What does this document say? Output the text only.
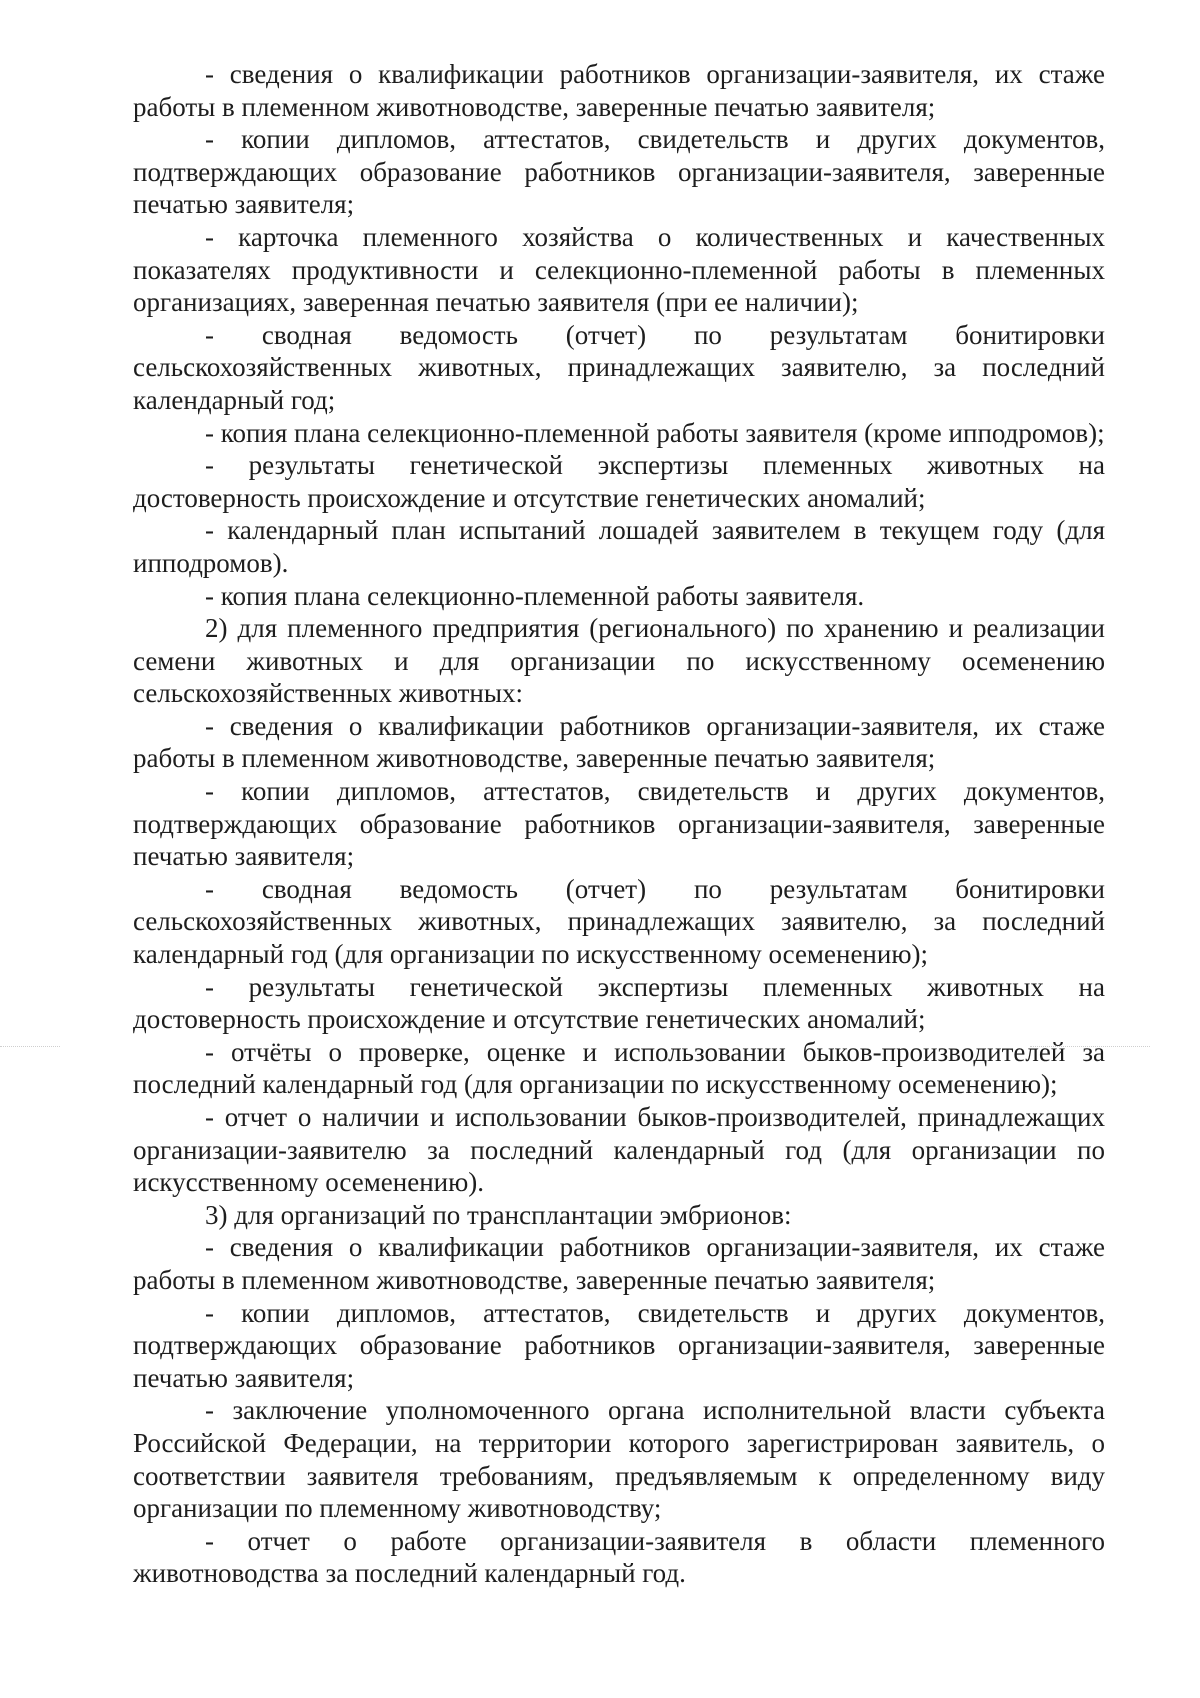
- сведения о квалификации работников организации-заявителя, их стаже работы в племенном животноводстве, заверенные печатью заявителя;

- копии дипломов, аттестатов, свидетельств и других документов, подтверждающих образование работников организации-заявителя, заверенные печатью заявителя;

- карточка племенного хозяйства о количественных и качественных показателях продуктивности и селекционно-племенной работы в племенных организациях, заверенная печатью заявителя (при ее наличии);

- сводная ведомость (отчет) по результатам бонитировки сельскохозяйственных животных, принадлежащих заявителю, за последний календарный год;

- копия плана селекционно-племенной работы заявителя (кроме ипподромов);

- результаты генетической экспертизы племенных животных на достоверность происхождение и отсутствие генетических аномалий;

- календарный план испытаний лошадей заявителем в текущем году (для ипподромов).

- копия плана селекционно-племенной работы заявителя.

2) для племенного предприятия (регионального) по хранению и реализации семени животных и для организации по искусственному осеменению сельскохозяйственных животных:

- сведения о квалификации работников организации-заявителя, их стаже работы в племенном животноводстве, заверенные печатью заявителя;

- копии дипломов, аттестатов, свидетельств и других документов, подтверждающих образование работников организации-заявителя, заверенные печатью заявителя;

- сводная ведомость (отчет) по результатам бонитировки сельскохозяйственных животных, принадлежащих заявителю, за последний календарный год (для организации по искусственному осеменению);

- результаты генетической экспертизы племенных животных на достоверность происхождение и отсутствие генетических аномалий;

- отчёты о проверке, оценке и использовании быков-производителей за последний календарный год (для организации по искусственному осеменению);

- отчет о наличии и использовании быков-производителей, принадлежащих организации-заявителю за последний календарный год (для организации по искусственному осеменению).

3) для организаций по трансплантации эмбрионов:

- сведения о квалификации работников организации-заявителя, их стаже работы в племенном животноводстве, заверенные печатью заявителя;

- копии дипломов, аттестатов, свидетельств и других документов, подтверждающих образование работников организации-заявителя, заверенные печатью заявителя;

- заключение уполномоченного органа исполнительной власти субъекта Российской Федерации, на территории которого зарегистрирован заявитель, о соответствии заявителя требованиям, предъявляемым к определенному виду организации по племенному животноводству;

- отчет о работе организации-заявителя в области племенного животноводства за последний календарный год.
